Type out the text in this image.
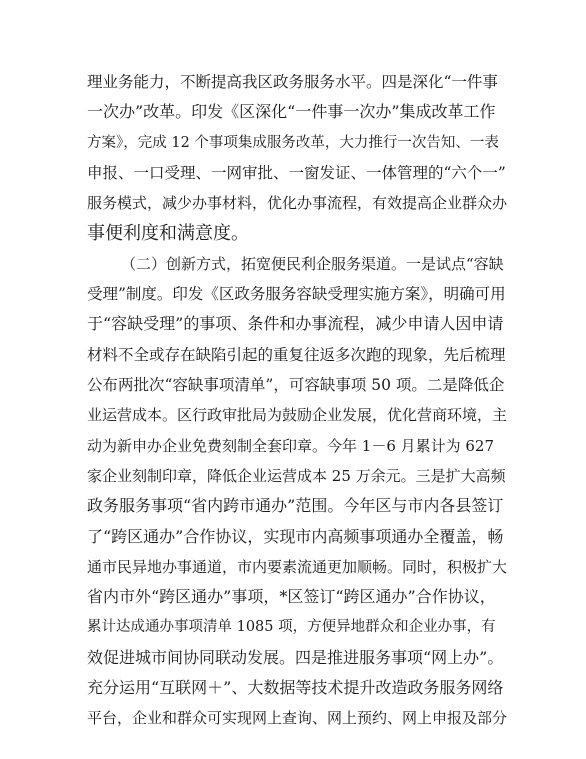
理业务能力，不断提高我区政务服务水平。四是深化“一件事
一次办”改革。印发《区深化“一件事一次办”集成改革工作
方案》，完成 12 个事项集成服务改革，大力推行一次告知、一表
申报、一口受理、一网审批、一窗发证、一体管理的“六个一”
服务模式，减少办事材料，优化办事流程，有效提高企业群众办
事便利度和满意度。
（二）创新方式，拓宽便民利企服务渠道。一是试点“容缺
受理”制度。印发《区政务服务容缺受理实施方案》，明确可用
于“容缺受理”的事项、条件和办事流程，减少申请人因申请
材料不全或存在缺陷引起的重复往返多次跑的现象，先后梳理
公布两批次“容缺事项清单”，可容缺事项 50 项。二是降低企
业运营成本。区行政审批局为鼓励企业发展，优化营商环境，主
动为新申办企业免费刻制全套印章。今年 1－6 月累计为 627
家企业刻制印章，降低企业运营成本 25 万余元。三是扩大高频
政务服务事项“省内跨市通办”范围。今年区与市内各县签订
了“跨区通办”合作协议，实现市内高频事项通办全覆盖，畅
通市民异地办事通道，市内要素流通更加顺畅。同时，积极扩大
省内市外“跨区通办”事项，*区签订“跨区通办”合作协议，
累计达成通办事项清单 1085 项，方便异地群众和企业办事，有
效促进城市间协同联动发展。四是推进服务事项“网上办”。
充分运用“互联网＋”、大数据等技术提升改造政务服务网络
平台，企业和群众可实现网上查询、网上预约、网上申报及部分
